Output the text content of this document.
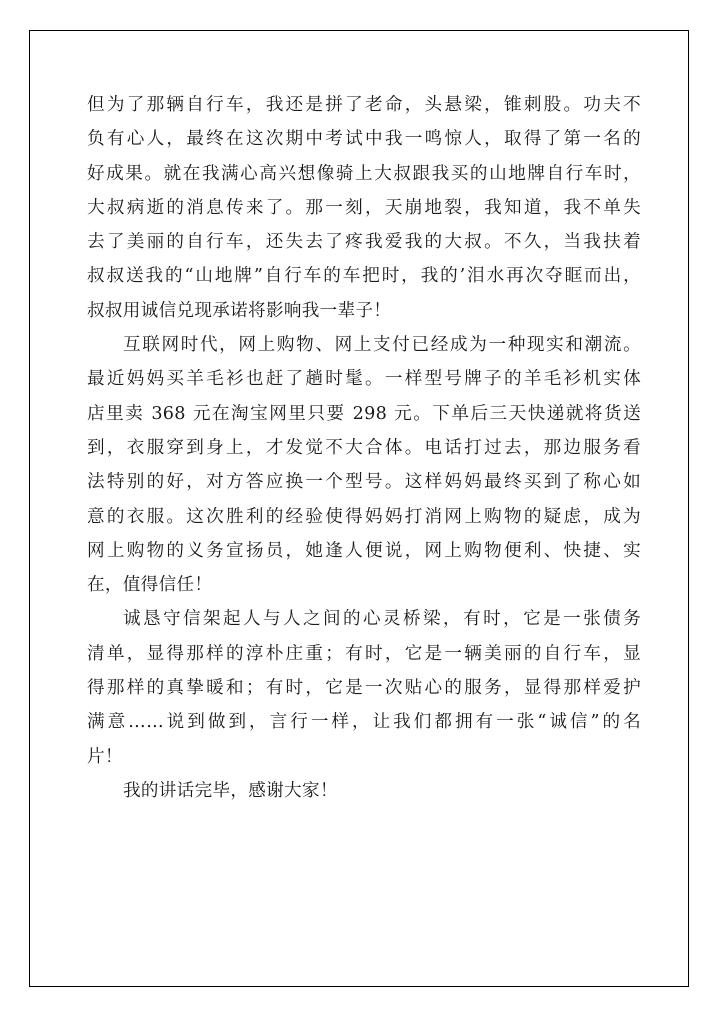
但为了那辆自行车，我还是拼了老命，头悬梁，锥刺股。功夫不
负有心人，最终在这次期中考试中我一鸣惊人，取得了第一名的
好成果。就在我满心高兴想像骑上大叔跟我买的山地牌自行车时，
大叔病逝的消息传来了。那一刻，天崩地裂，我知道，我不单失
去了美丽的自行车，还失去了疼我爱我的大叔。不久，当我扶着
叔叔送我的“山地牌”自行车的车把时，我的’泪水再次夺眶而出，
叔叔用诚信兑现承诺将影响我一辈子！
互联网时代，网上购物、网上支付已经成为一种现实和潮流。
最近妈妈买羊毛衫也赶了趟时髦。一样型号牌子的羊毛衫机实体
店里卖 368 元在淘宝网里只要 298 元。下单后三天快递就将货送
到，衣服穿到身上，才发觉不大合体。电话打过去，那边服务看
法特别的好，对方答应换一个型号。这样妈妈最终买到了称心如
意的衣服。这次胜利的经验使得妈妈打消网上购物的疑虑，成为
网上购物的义务宣扬员，她逢人便说，网上购物便利、快捷、实
在，值得信任！
诚恳守信架起人与人之间的心灵桥梁，有时，它是一张债务
清单，显得那样的淳朴庄重；有时，它是一辆美丽的自行车，显
得那样的真挚暖和；有时，它是一次贴心的服务，显得那样爱护
满意……说到做到，言行一样，让我们都拥有一张“诚信”的名
片！
我的讲话完毕，感谢大家！
